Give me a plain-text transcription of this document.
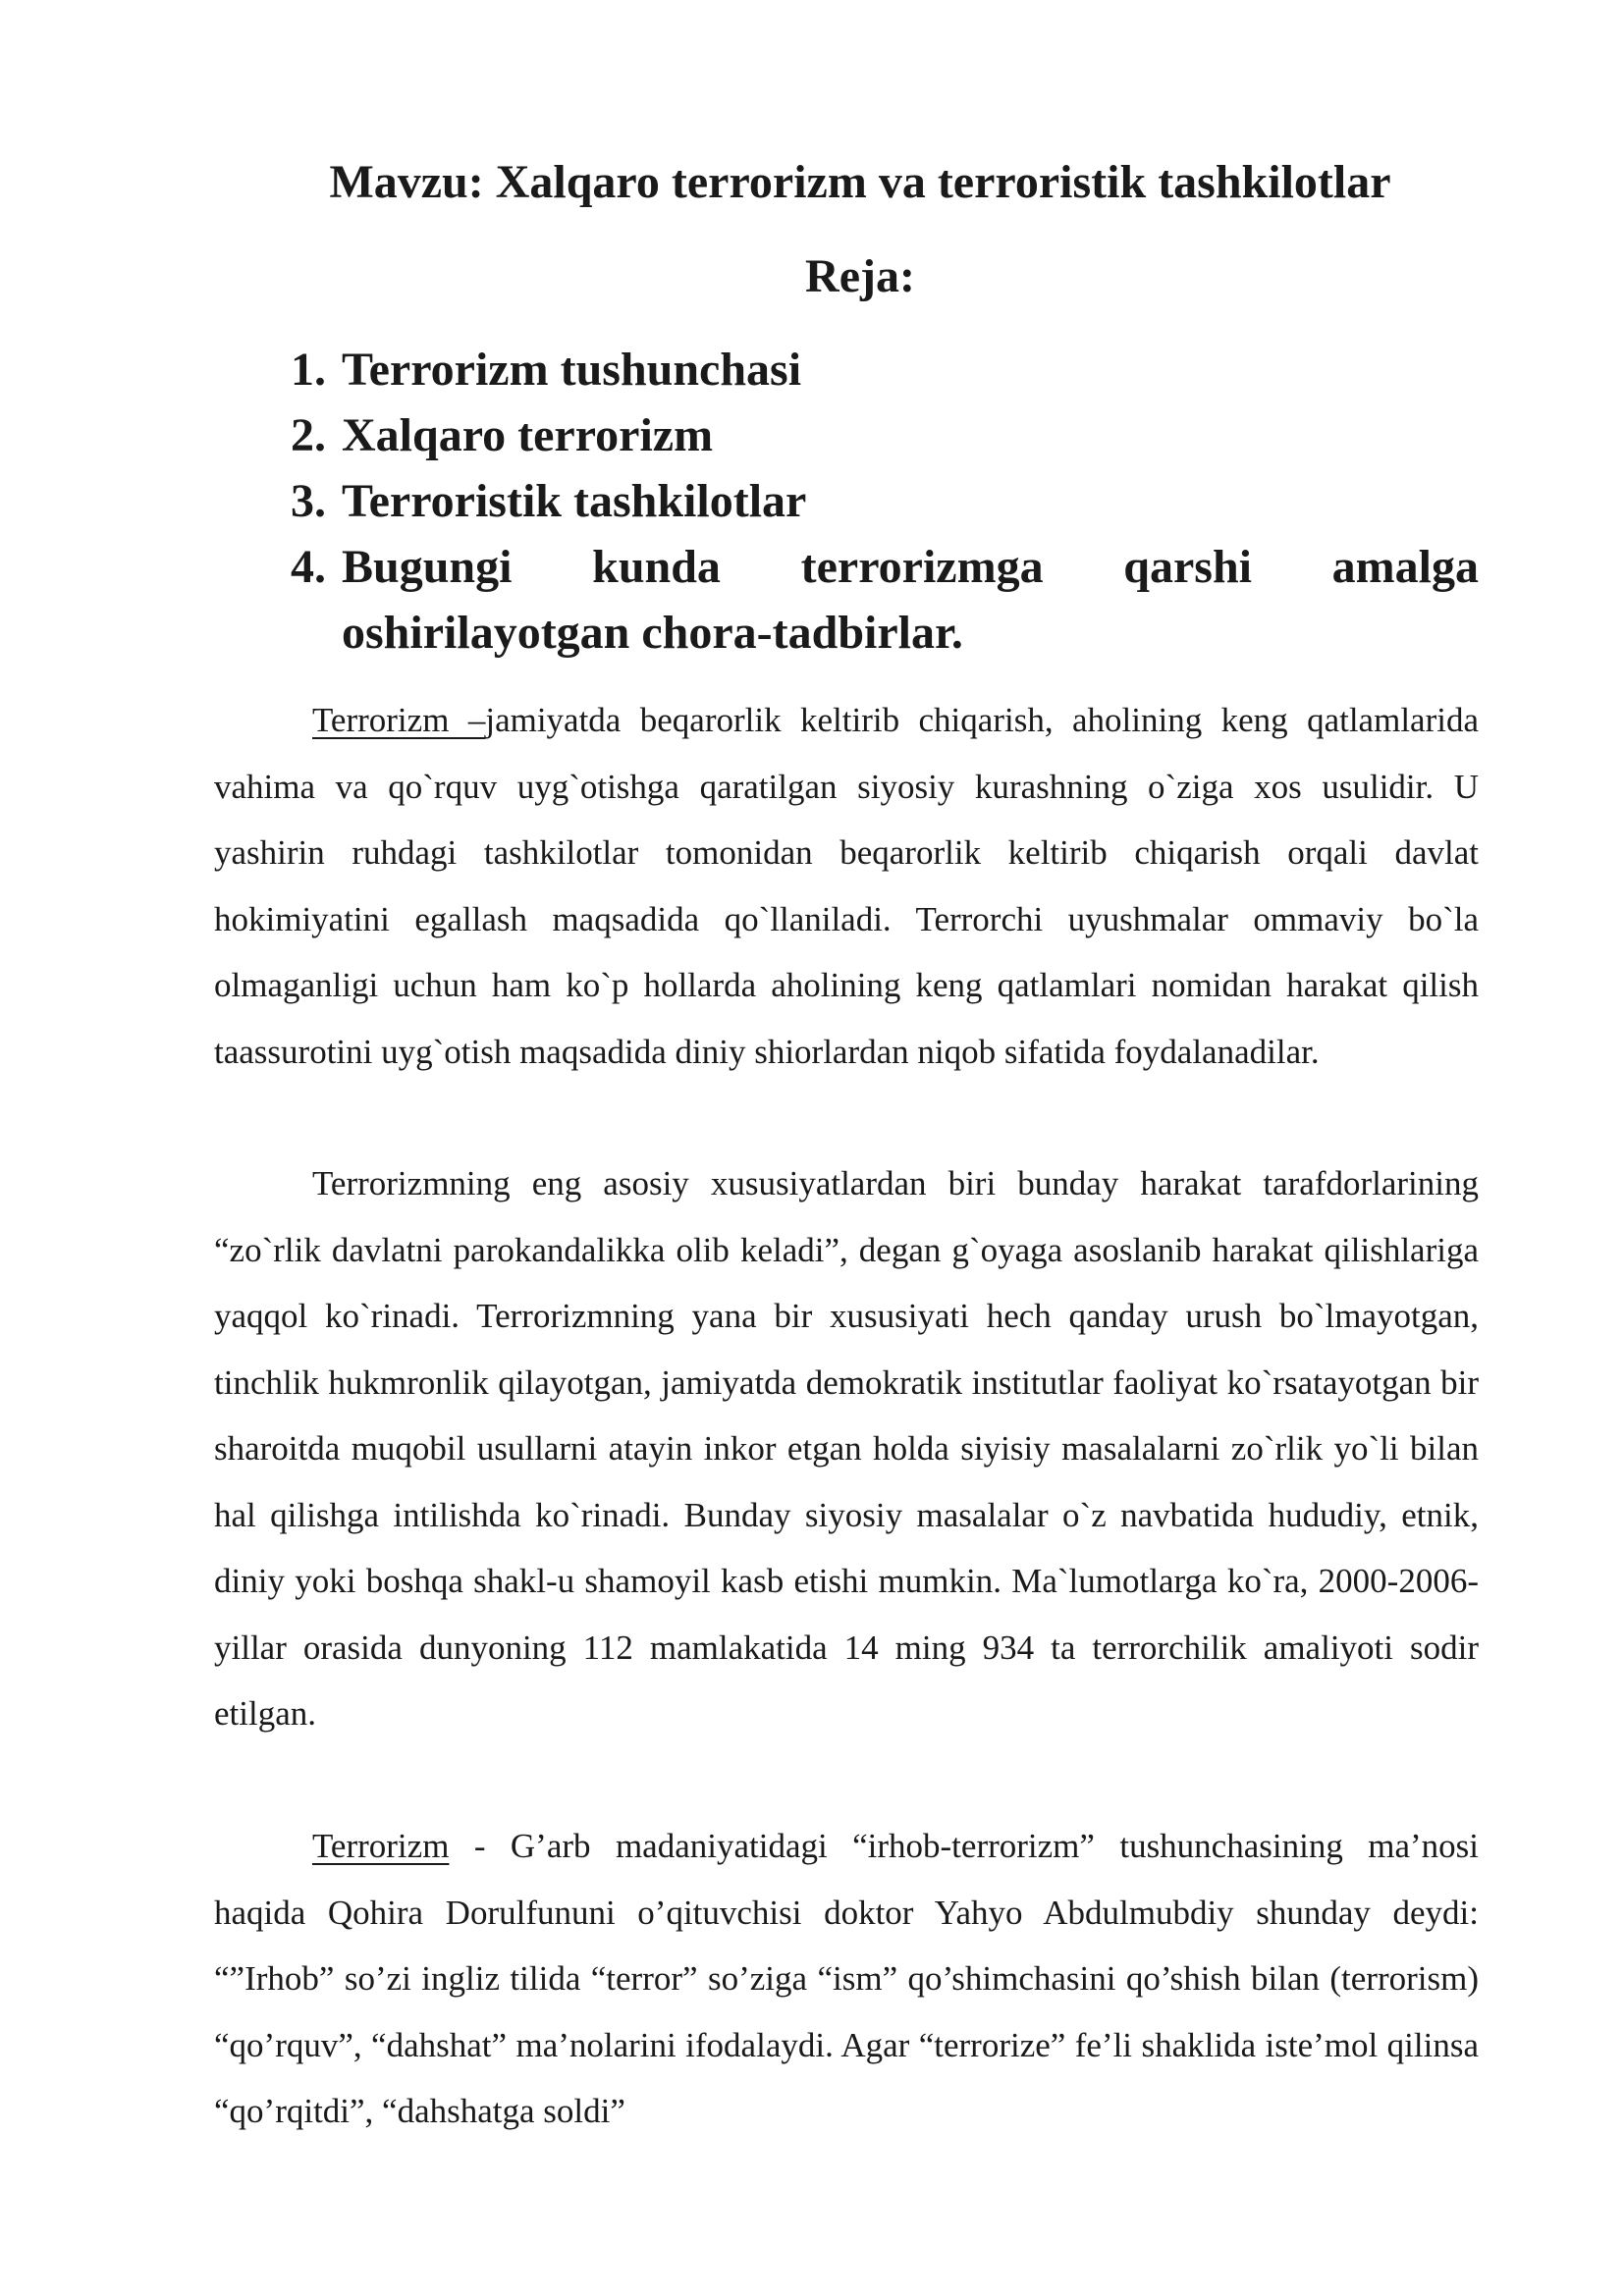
Mavzu: Xalqaro terrorizm va terroristik tashkilotlar
Reja:
1. Terrorizm tushunchasi
2. Xalqaro terrorizm
3. Terroristik tashkilotlar
4. Bugungi kunda terrorizmga qarshi amalga oshirilayotgan chora-tadbirlar.

Terrorizm –jamiyatda beqarorlik keltirib chiqarish, aholining keng qatlamlarida vahima va qo`rquv uyg`otishga qaratilgan siyosiy kurashning o`ziga xos usulidir. U yashirin ruhdagi tashkilotlar tomonidan beqarorlik keltirib chiqarish orqali davlat hokimiyatini egallash maqsadida qo`llaniladi. Terrorchi uyushmalar ommaviy bo`la olmaganligi uchun ham ko`p hollarda aholining keng qatlamlari nomidan harakat qilish taassurotini uyg`otish maqsadida diniy shiorlardan niqob sifatida foydalanadilar.

Terrorizmning eng asosiy xususiyatlardan biri bunday harakat tarafdorlarining “zo`rlik davlatni parokandalikka olib keladi”, degan g`oyaga asoslanib harakat qilishlariga yaqqol ko`rinadi. Terrorizmning yana bir xususiyati hech qanday urush bo`lmayotgan, tinchlik hukmronlik qilayotgan, jamiyatda demokratik institutlar faoliyat ko`rsatayotgan bir sharoitda muqobil usullarni atayin inkor etgan holda siyisiy masalalarni zo`rlik yo`li bilan hal qilishga intilishda ko`rinadi. Bunday siyosiy masalalar o`z navbatida hududiy, etnik, diniy yoki boshqa shakl-u shamoyil kasb etishi mumkin. Ma`lumotlarga ko`ra, 2000-2006-yillar orasida dunyoning 112 mamlakatida 14 ming 934 ta terrorchilik amaliyoti sodir etilgan.

Terrorizm - G’arb madaniyatidagi “irhob-terrorizm” tushunchasining ma’nosi haqida Qohira Dorulfununi o’qituvchisi doktor Yahyo Abdulmubdiy shunday deydi: “”Irhob” so’zi ingliz tilida “terror” so’ziga “ism” qo’shimchasini qo’shish bilan (terrorism) “qo’rquv”, “dahshat” ma’nolarini ifodalaydi. Agar “terrorize” fe’li shaklida iste’mol qilinsa “qo’rqitdi”, “dahshatga soldi”
